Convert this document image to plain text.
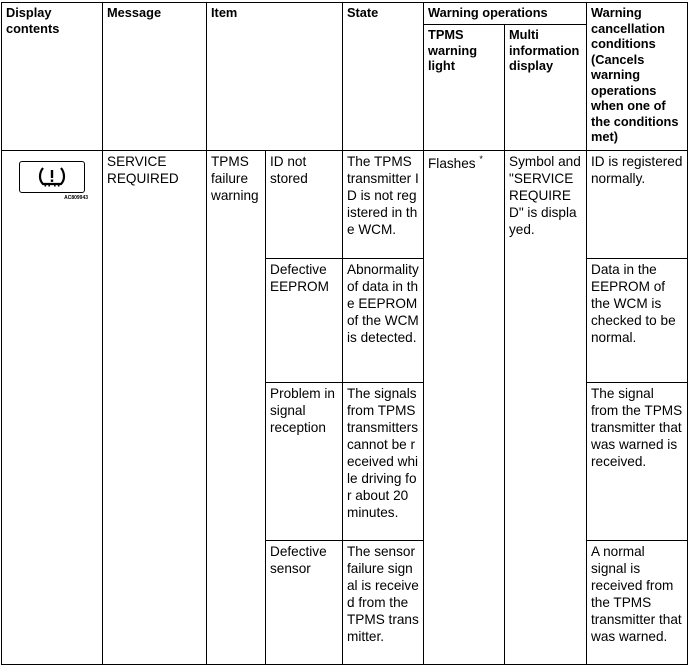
Display contents	Message	Item		State	Warning operations		Warning cancellation conditions (Cancels warning operations when one of the conditions met)
					TPMS warning light	Multi information display	

AC809943	SERVICE REQUIRED	TPMS failure warning	ID not stored	The TPMS transmitter ID is not registered in the WCM.	Flashes *	Symbol and "SERVICE REQUIRED" is displayed.	ID is registered normally.
			Defective EEPROM	Abnormality of data in the EEPROM of the WCM is detected.			Data in the EEPROM of the WCM is checked to be normal.
			Problem in signal reception	The signals from TPMS transmitters cannot be received while driving for about 20 minutes.			The signal from the TPMS transmitter that was warned is received.
			Defective sensor	The sensor failure signal is received from the TPMS transmitter.			A normal signal is received from the TPMS transmitter that was warned.
